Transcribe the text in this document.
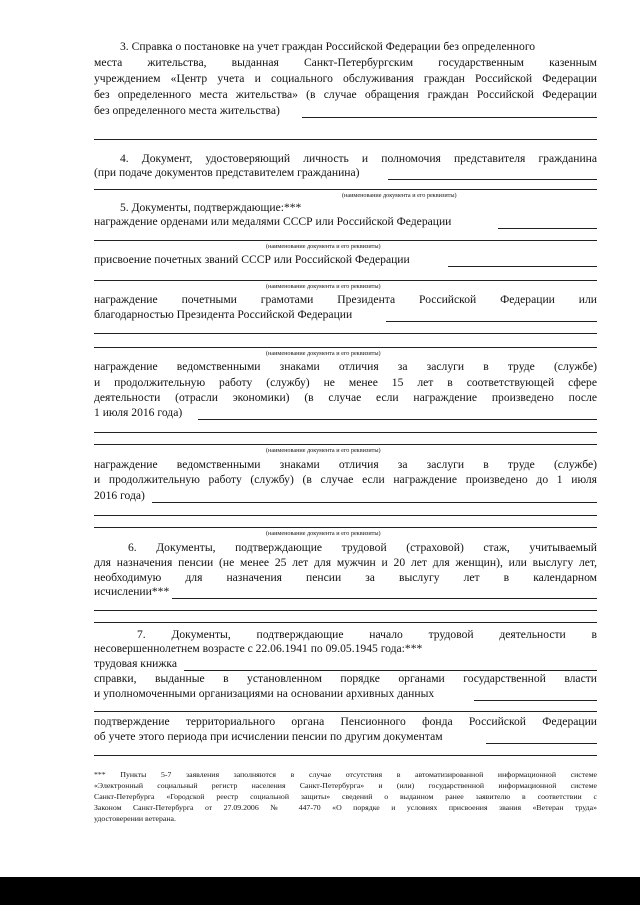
3. Справка о постановке на учет граждан Российской Федерации без определенного
места жительства, выданная Санкт-Петербургским государственным казенным
учреждением «Центр учета и социального обслуживания граждан Российской Федерации
без определенного места жительства» (в случае обращения граждан Российской Федерации
без определенного места жительства)
4. Документ, удостоверяющий личность и полномочия представителя гражданина
(при подаче документов представителем гражданина)
(наименование документа и его реквизиты)
5. Документы, подтверждающие:***
награждение орденами или медалями СССР или Российской Федерации
(наименование документа и его реквизиты)
присвоение почетных званий СССР или Российской Федерации
(наименование документа и его реквизиты)
награждение почетными грамотами Президента Российской Федерации или
благодарностью Президента Российской Федерации
(наименование документа и его реквизиты)
награждение ведомственными знаками отличия за заслуги в труде (службе)
и продолжительную работу (службу) не менее 15 лет в соответствующей сфере
деятельности (отрасли экономики) (в случае если награждение произведено после
1 июля 2016 года)
(наименование документа и его реквизиты)
награждение ведомственными знаками отличия за заслуги в труде (службе)
и продолжительную работу (службу) (в случае если награждение произведено до 1 июля
2016 года)
(наименование документа и его реквизиты)
6. Документы, подтверждающие трудовой (страховой) стаж, учитываемый
для назначения пенсии (не менее 25 лет для мужчин и 20 лет для женщин), или выслугу лет,
необходимую для назначения пенсии за выслугу лет в календарном
исчислении***
7. Документы, подтверждающие начало трудовой деятельности в
несовершеннолетнем возрасте с 22.06.1941 по 09.05.1945 года:***
трудовая книжка
справки, выданные в установленном порядке органами государственной власти
и уполномоченными организациями на основании архивных данных
подтверждение территориального органа Пенсионного фонда Российской Федерации
об учете этого периода при исчислении пенсии по другим документам
*** Пункты 5-7 заявления заполняются в случае отсутствия в автоматизированной информационной системе
«Электронный социальный регистр населения Санкт-Петербурга» и (или) государственной информационной системе
Санкт-Петербурга «Городской реестр социальной защиты» сведений о выданном ранее заявителю в соответствии с
Законом Санкт-Петербурга от 27.09.2006 № 447-70 «О порядке и условиях присвоения звания «Ветеран труда»
удостоверении ветерана.
